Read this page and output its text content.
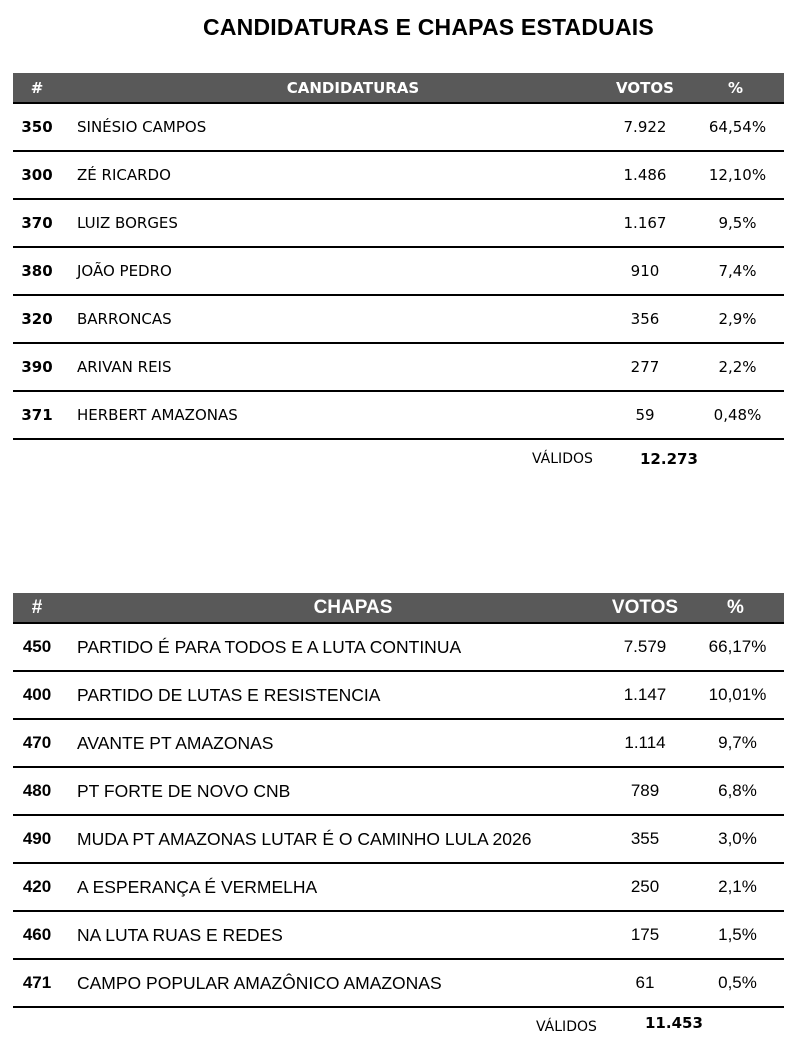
CANDIDATURAS E CHAPAS ESTADUAIS
#	CANDIDATURAS	VOTOS	%
350	SINÉSIO CAMPOS	7.922	64,54%
300	ZÉ RICARDO	1.486	12,10%
370	LUIZ BORGES	1.167	9,5%
380	JOÃO PEDRO	910	7,4%
320	BARRONCAS	356	2,9%
390	ARIVAN REIS	277	2,2%
371	HERBERT AMAZONAS	59	0,48%
VÁLIDOS	12.273
#	CHAPAS	VOTOS	%
450	PARTIDO É PARA TODOS E A LUTA CONTINUA	7.579	66,17%
400	PARTIDO DE LUTAS E RESISTENCIA	1.147	10,01%
470	AVANTE PT AMAZONAS	1.114	9,7%
480	PT FORTE DE NOVO CNB	789	6,8%
490	MUDA PT AMAZONAS LUTAR É O CAMINHO LULA 2026	355	3,0%
420	A ESPERANÇA É VERMELHA	250	2,1%
460	NA LUTA RUAS E REDES	175	1,5%
471	CAMPO POPULAR AMAZÔNICO AMAZONAS	61	0,5%
VÁLIDOS	11.453
